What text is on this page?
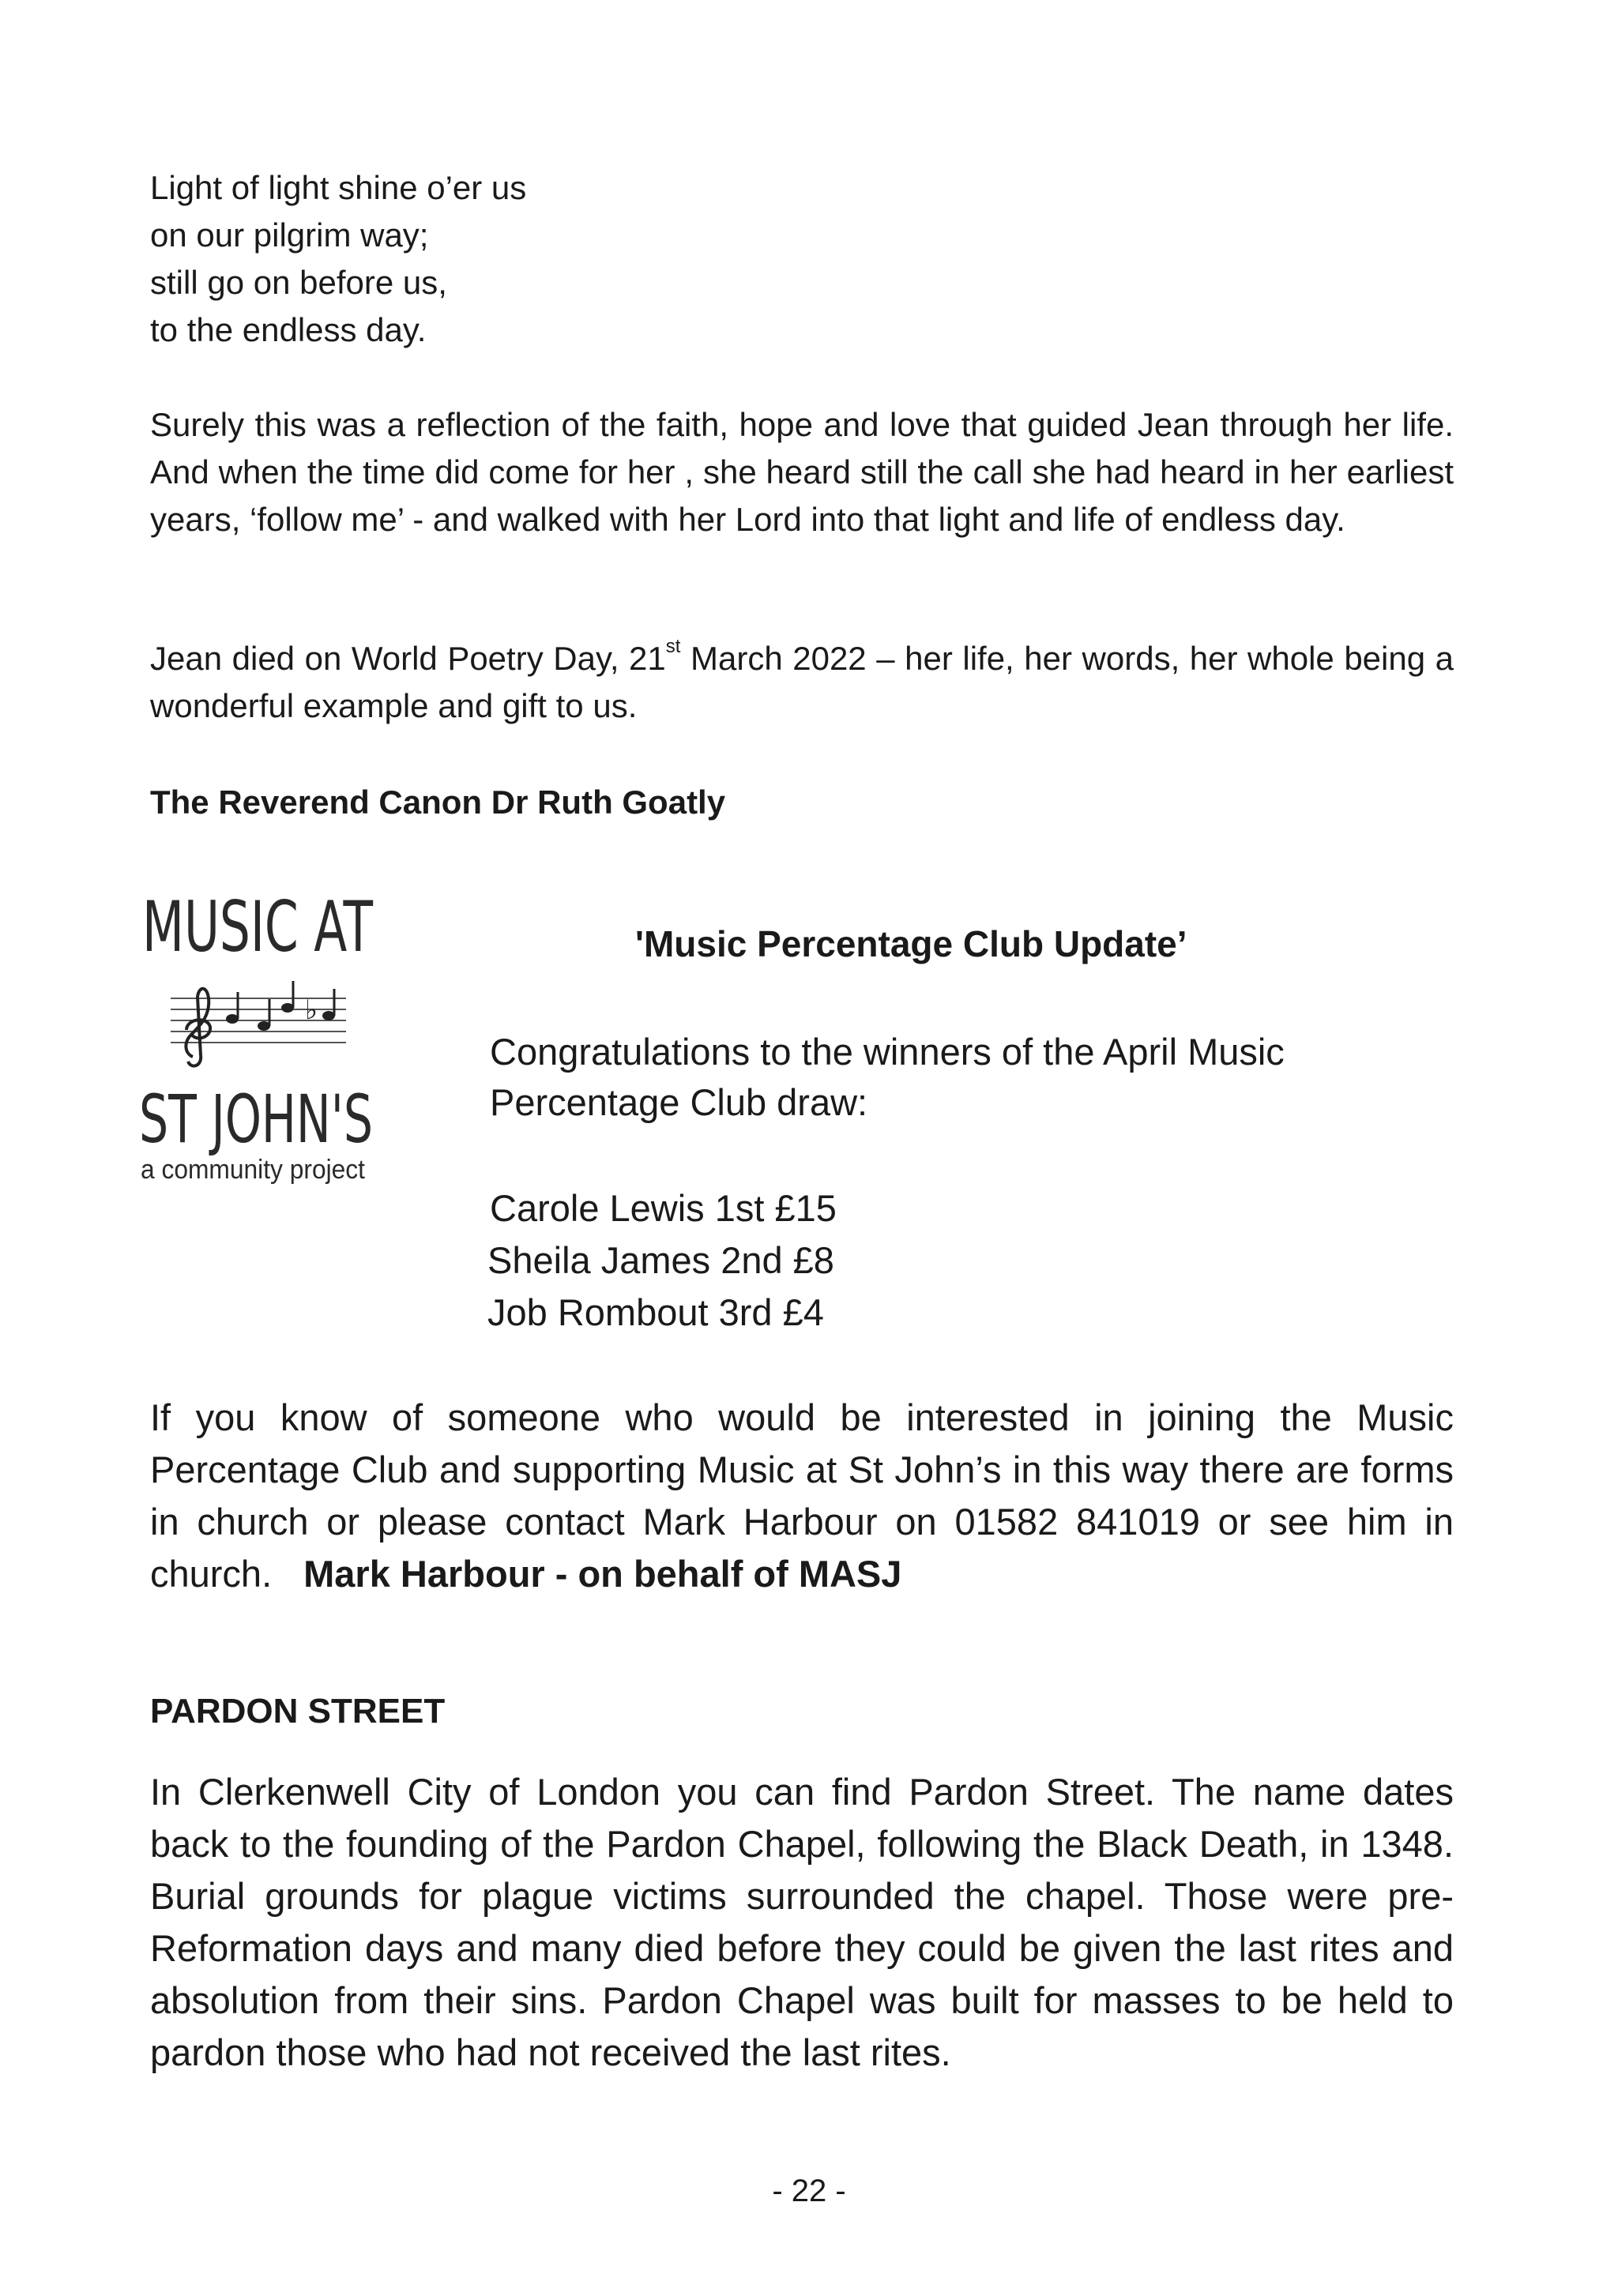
Light of light shine o’er us
on our pilgrim way;
still go on before us,
to the endless day.
Surely this was a reflection of the faith, hope and love that guided Jean through her life. And when the time did come for her , she heard still the call she had heard in her earliest years, ‘follow me’ - and walked with her Lord into that light and life of endless day.
Jean died on World Poetry Day, 21st March 2022 – her life, her words, her whole being a wonderful example and gift to us.
The Reverend Canon Dr Ruth Goatly
MUSIC AT
♭
ST JOHN'S
a community project
'Music Percentage Club Update’
Congratulations to the winners of the April Music Percentage Club draw:
Carole Lewis 1st £15
Sheila James 2nd £8
Job Rombout 3rd £4
If you know of someone who would be interested in joining the Music Percentage Club and supporting Music at St John’s in this way there are forms in church or please contact Mark Harbour on 01582 841019 or see him in church. Mark Harbour - on behalf of MASJ
PARDON STREET
In Clerkenwell City of London you can find Pardon Street. The name dates back to the founding of the Pardon Chapel, following the Black Death, in 1348. Burial grounds for plague victims surrounded the chapel. Those were pre-Reformation days and many died before they could be given the last rites and absolution from their sins. Pardon Chapel was built for masses to be held to pardon those who had not received the last rites.
- 22 -
